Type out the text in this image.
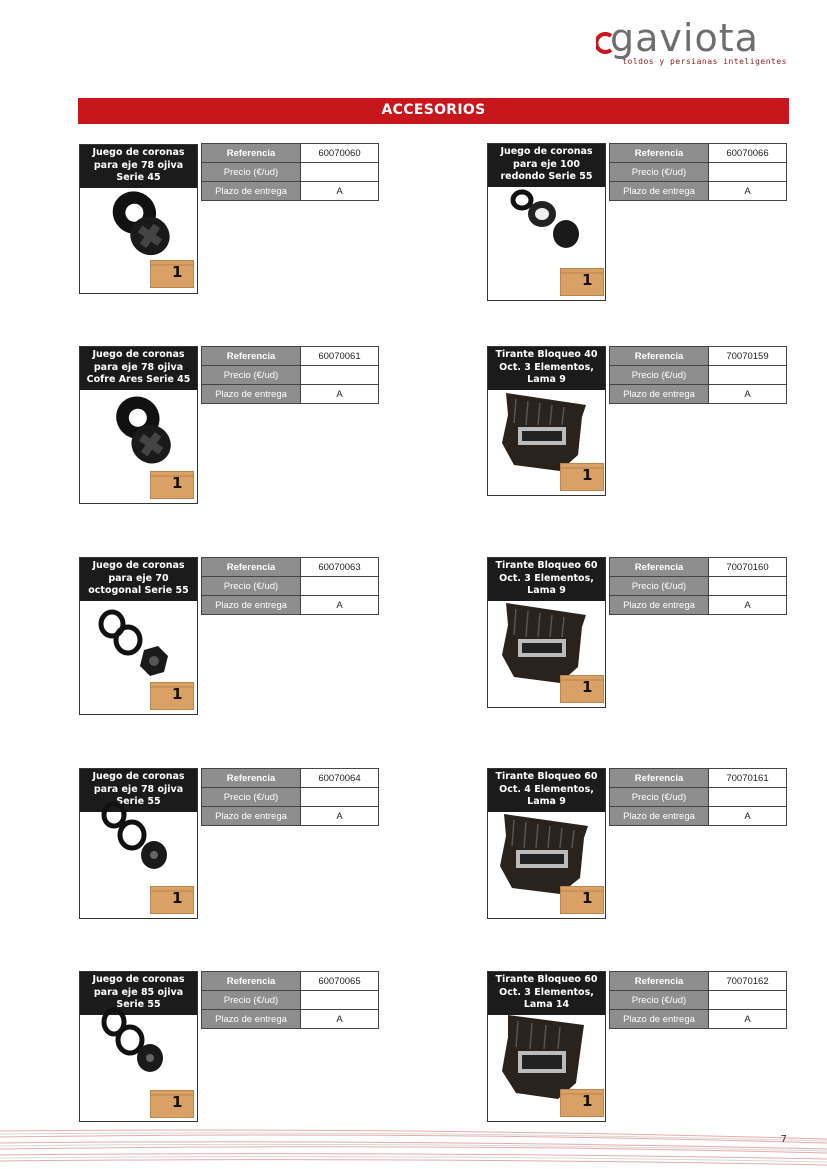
gaviota
toldos y persianas inteligentes
ACCESORIOS
Juego de coronas para eje 78 ojiva Serie 45
1
Juego de coronas para eje 78 ojiva Cofre Ares Serie 45
1
Juego de coronas para eje 70 octogonal Serie 55
1
Juego de coronas para eje 78 ojiva Serie 55
1
Juego de coronas para eje 85 ojiva Serie 55
1
Juego de coronas para eje 100 redondo Serie 55
1
Tirante Bloqueo 40 Oct. 3 Elementos, Lama 9
1
Tirante Bloqueo 60 Oct. 3 Elementos, Lama 9
1
Tirante Bloqueo 60 Oct. 4 Elementos, Lama 9
1
Tirante Bloqueo 60 Oct. 3 Elementos, Lama 14
1
Referencia	60070060
Precio (€/ud)	
Plazo de entrega	A
Referencia	60070061
Precio (€/ud)	
Plazo de entrega	A
Referencia	60070063
Precio (€/ud)	
Plazo de entrega	A
Referencia	60070064
Precio (€/ud)	
Plazo de entrega	A
Referencia	60070065
Precio (€/ud)	
Plazo de entrega	A
Referencia	60070066
Precio (€/ud)	
Plazo de entrega	A
Referencia	70070159
Precio (€/ud)	
Plazo de entrega	A
Referencia	70070160
Precio (€/ud)	
Plazo de entrega	A
Referencia	70070161
Precio (€/ud)	
Plazo de entrega	A
Referencia	70070162
Precio (€/ud)	
Plazo de entrega	A
7
